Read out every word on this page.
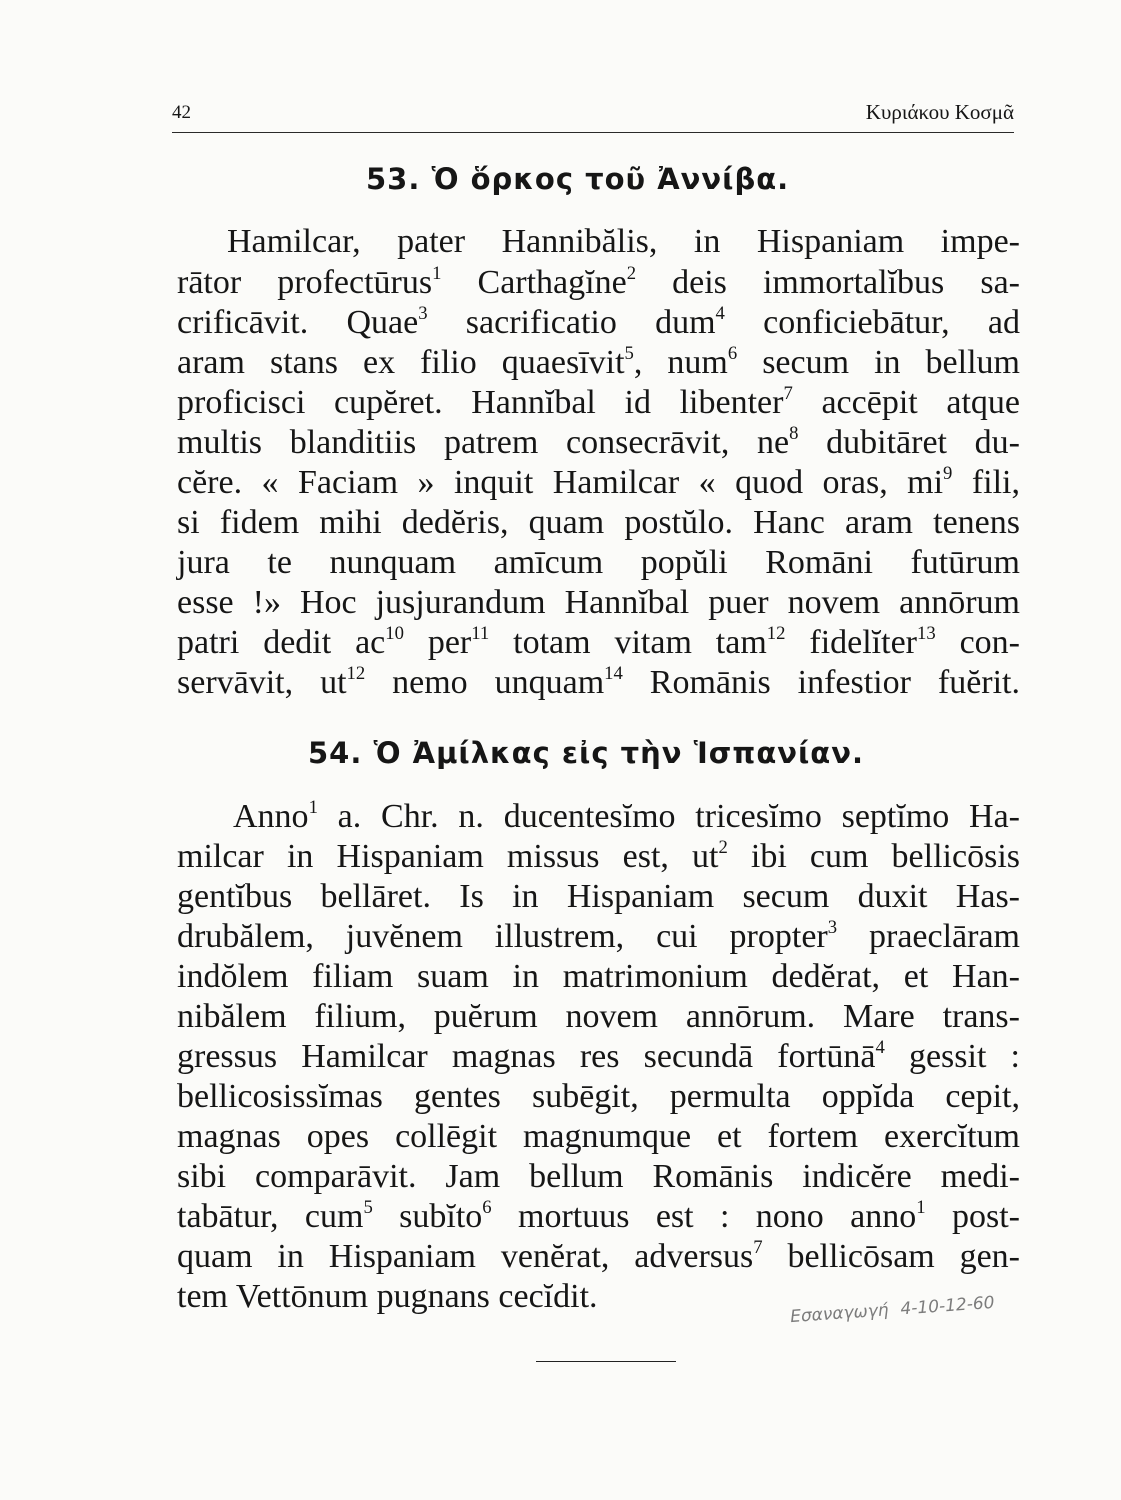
42	Κυριάκου Κοσμᾶ
53. Ὁ ὅρκος τοῦ Ἀννίβα.
Hamilcar, pater Hannibălis, in Hispaniam impe-
rātor profectūrus$^1$ Carthagĭne$^2$ deis immortalĭbus sa-
crificāvit. Quae$^3$ sacrificatio dum$^4$ conficiebātur, ad
aram stans ex filio quaesīvit$^5$, num$^6$ secum in bellum
proficisci cupĕret. Hannĭbal id libenter$^7$ accēpit atque
multis blanditiis patrem consecrāvit, $ne^8$ dubitāret du-
cĕre. « Faciam » inquit Hamilcar « quod oras, $mi^9$ fili,
si fidem mihi dedĕris, quam postŭlo. Hanc aram tenens
jura te nunquam amīcum popŭli Romāni futūrum
esse !» Hoc jusjurandum Hannĭbal puer novem annōrum
patri dedit $ac^{10}$ per$^{11}$ totam vitam tam$^{12}$ fidelĭter$^{13}$ con-
servāvit, $ut^{12}$ nemo unquam$^{14}$ Romānis infestior fuĕrit.
54. Ὁ Ἀμίλκας εἰς τὴν Ἱσπανίαν.
Anno$^1$ a. Chr. n. ducentesĭmo tricesĭmo septĭmo Ha-
milcar in Hispaniam missus est, $ut^2$ ibi cum bellicōsis
gentĭbus bellāret. Is in Hispaniam secum duxit Has-
drubălem, juvĕnem illustrem, cui propter$^3$ praeclāram
indŏlem filiam suam in matrimonium dedĕrat, et Han-
nibălem filium, puĕrum novem annōrum. Mare trans-
gressus Hamilcar magnas res secundā fortūnā$^4$ gessit :
bellicosissĭmas gentes subēgit, permulta oppĭda cepit,
magnas opes collēgit magnumque et fortem exercĭtum
sibi comparāvit. Jam bellum Romānis indicĕre medi-
tabātur, cum$^5$ subĭto$^6$ mortuus est : nono anno$^1$ post-
quam in Hispaniam venĕrat, adversus$^7$ bellicōsam gen-
tem Vettōnum pugnans cecĭdit.	Εσαναγωγή 4-10-12-60
